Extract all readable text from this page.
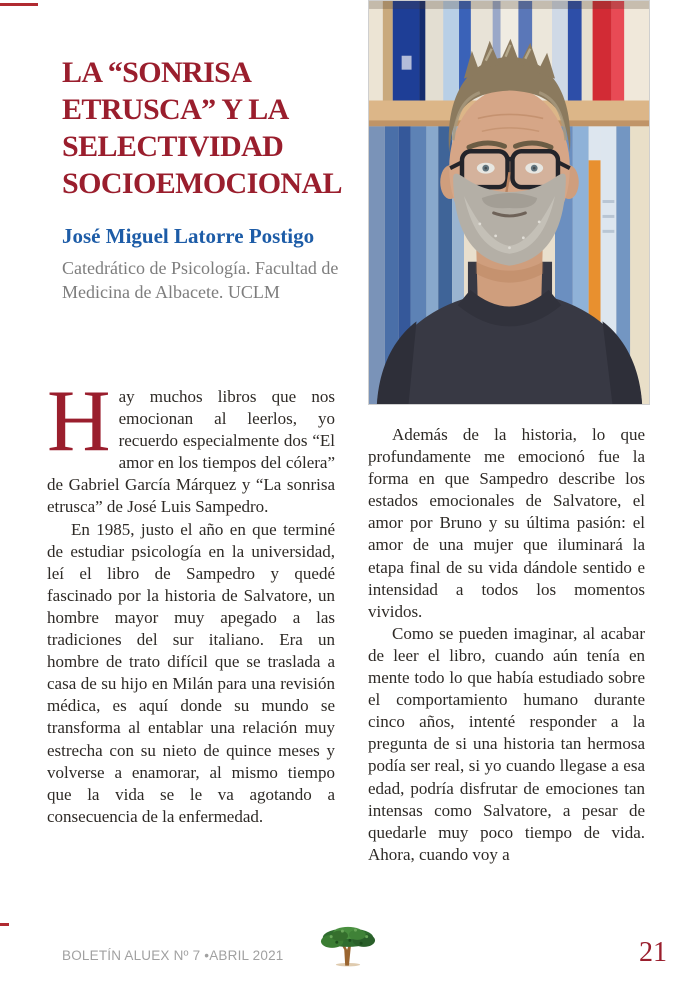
LA “SONRISA
ETRUSCA” Y LA
SELECTIVIDAD
SOCIOEMOCIONAL
José Miguel Latorre Postigo
Catedrático de Psicología. Facultad de Medicina de Albacete. UCLM

Hay muchos libros que nos emocionan al leerlos, yo recuerdo especialmente dos “El amor en los tiempos del cólera” de Gabriel García Márquez y “La sonrisa etrusca” de José Luis Sampedro.

En 1985, justo el año en que terminé de estudiar psicología en la universidad, leí el libro de Sampedro y quedé fascinado por la historia de Salvatore, un hombre mayor muy apegado a las tradiciones del sur italiano. Era un hombre de trato difícil que se traslada a casa de su hijo en Milán para una revisión médica, es aquí donde su mundo se transforma al entablar una relación muy estrecha con su nieto de quince meses y volverse a enamorar, al mismo tiempo que la vida se le va agotando a consecuencia de la enfermedad.

Además de la historia, lo que profundamente me emocionó fue la forma en que Sampedro describe los estados emocionales de Salvatore, el amor por Bruno y su última pasión: el amor de una mujer que iluminará la etapa final de su vida dándole sentido e intensidad a todos los momentos vividos.

Como se pueden imaginar, al acabar de leer el libro, cuando aún tenía en mente todo lo que había estudiado sobre el comportamiento humano durante cinco años, intenté responder a la pregunta de si una historia tan hermosa podía ser real, si yo cuando llegase a esa edad, podría disfrutar de emociones tan intensas como Salvatore, a pesar de quedarle muy poco tiempo de vida. Ahora, cuando voy a

BOLETÍN ALUEX Nº 7 •ABRIL 2021	21
